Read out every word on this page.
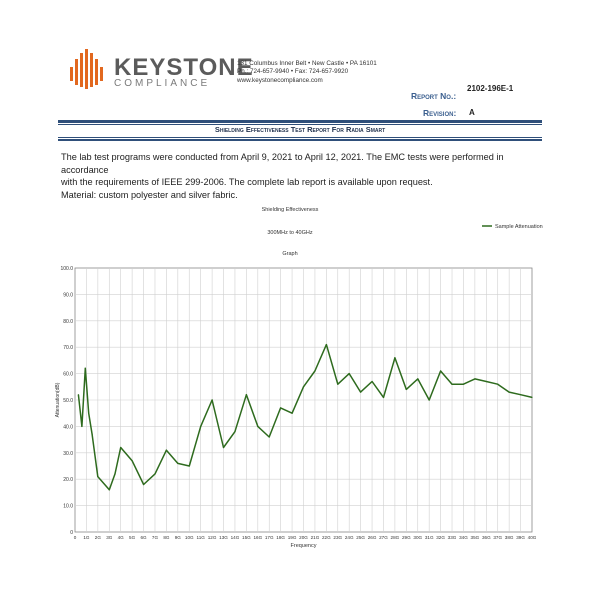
KEYSTONE
COMPLIANCE
131 Columbus Inner Belt • New Castle • PA 16101
Ph.: 724-657-9940 • Fax: 724-657-9920
www.keystonecompliance.com
2102-196E-1
Report No.:
Revision: A
Shielding Effectiveness Test Report For Radia Smart

The lab test programs were conducted from April 9, 2021 to April 12, 2021. The EMC tests were performed in accordance

with the requirements of IEEE 299-2006. The complete lab report is available upon request.

Material: custom polyester and silver fabric.

Shielding Effectiveness
300MHz to 40GHz
Graph
0
10.0
20.0
30.0
40.0
50.0
60.0
70.0
80.0
90.0
100.0
0 1G 2G 3G 4G 5G 6G 7G 8G 9G 10G 11G 12G 13G 14G 15G 16G 17G 18G 19G 20G 21G 22G 23G 24G 25G 26G 27G 28G 29G 30G 31G 32G 33G 34G 35G 36G 37G 38G 39G 40G
Frequency
Attenuation(dB)
Sample Attenuation
